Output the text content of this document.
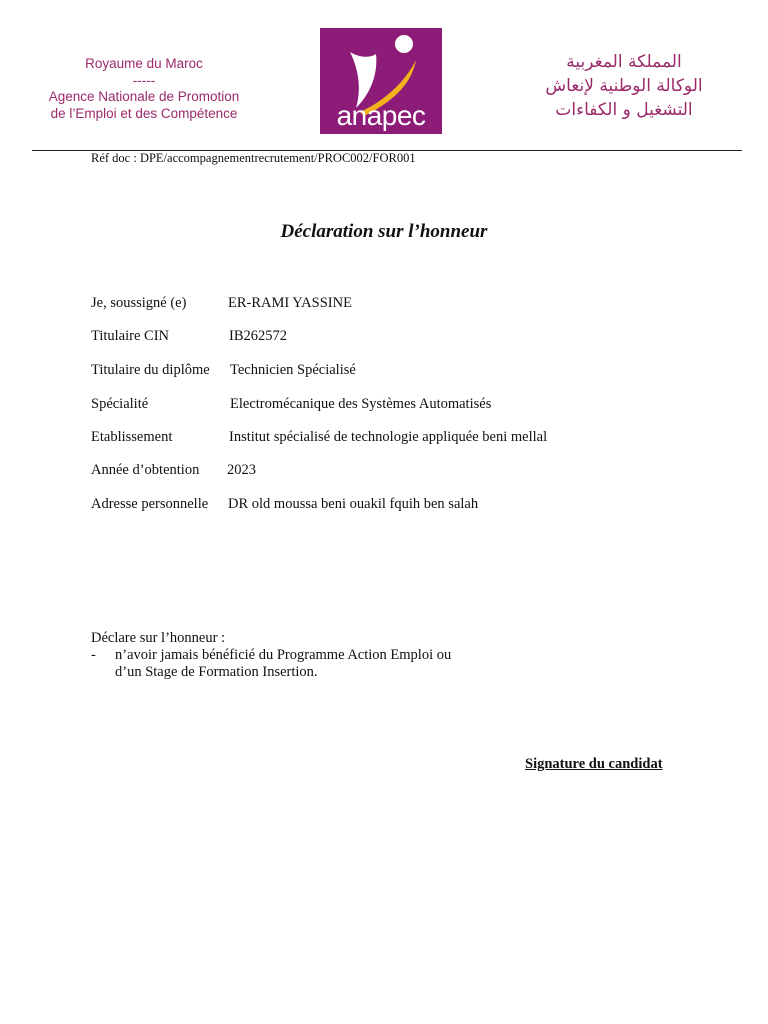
Royaume du Maroc
-----
Agence Nationale de Promotion
de l’Emploi et des Compétence	anapec
المملكة المغربية
الوكالة الوطنية لإنعاش
التشغيل و الكفاءات
Réf doc : DPE/accompagnementrecrutement/PROC002/FOR001
Déclaration sur l’honneur
Je, soussigné (e)	ER-RAMI YASSINE
Titulaire CIN	IB262572
Titulaire du diplôme Technicien Spécialisé
Spécialité	Electromécanique des Systèmes Automatisés
Etablissement	Institut spécialisé de technologie appliquée beni mellal
Année d’obtention 2023
Adresse personnelle DR old moussa beni ouakil fquih ben salah
Déclare sur l’honneur :
- n’avoir jamais bénéficié du Programme Action Emploi ou
d’un Stage de Formation Insertion.
Signature du candidat
